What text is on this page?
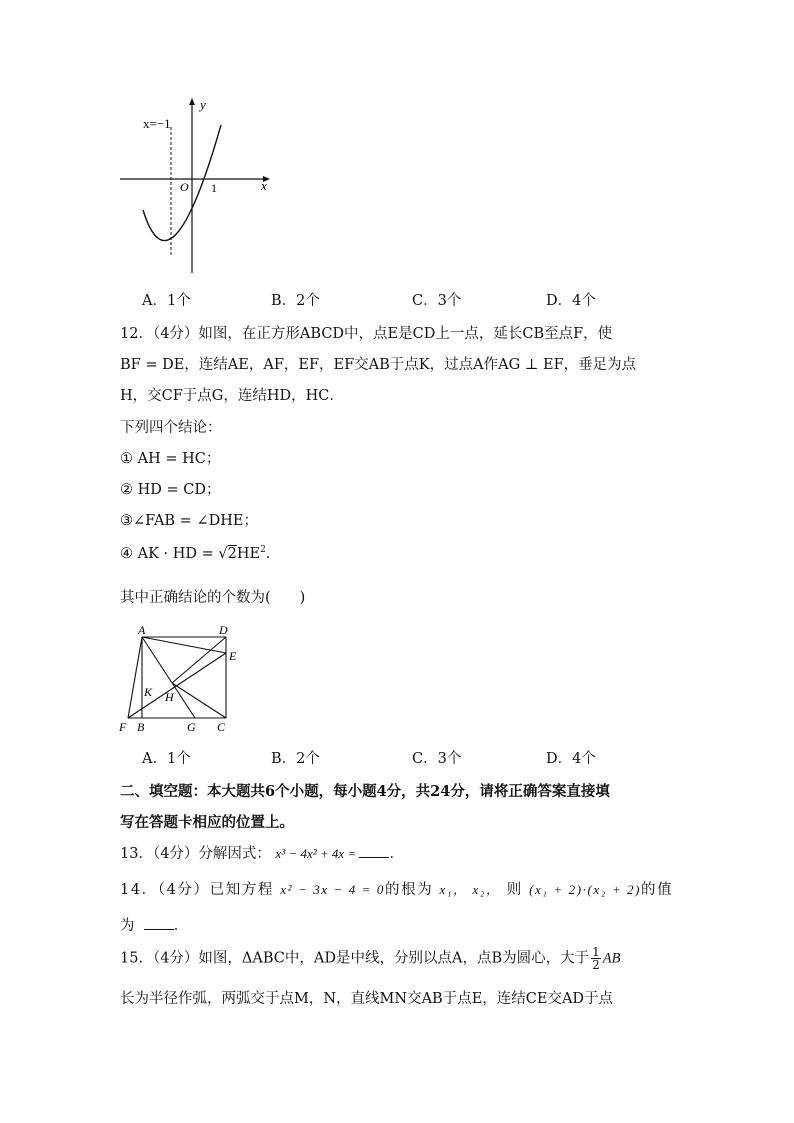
y
x
O 1
x=−1
A．1个	B．2个	C．3个	D．4个
12．（4分）如图，在正方形ABCD中，点E是CD上一点，延长CB至点F，使
BF = DE，连结AE，AF，EF，EF交AB于点K，过点A作AG ⊥ EF，垂足为点
H，交CF于点G，连结HD，HC．
下列四个结论：
① AH = HC；
② HD = CD；
③∠FAB = ∠DHE；
④ AK · HD = $√2HE^2$．
其中正确结论的个数为(　　)
A	D
E
K H
F B	G C
A．1个	B．2个	C．3个	D．4个
二、填空题：本大题共6个小题，每小题4分，共24分，请将正确答案直接填
写在答题卡相应的位置上。
13．（4分）分解因式： x³ − 4x² + 4x = ．
14．（4分）已知方程 x² − 3x − 4 = 0的根为 x₁， x₂， 则 (x₁ + 2)·(x₂ + 2)的值
为	．
15．（4分）如图，ΔABC中，AD是中线，分别以点A，点B为圆心，大于 $\frac{1}{2}$ AB
长为半径作弧，两弧交于点M，N，直线MN交AB于点E，连结CE交AD于点
